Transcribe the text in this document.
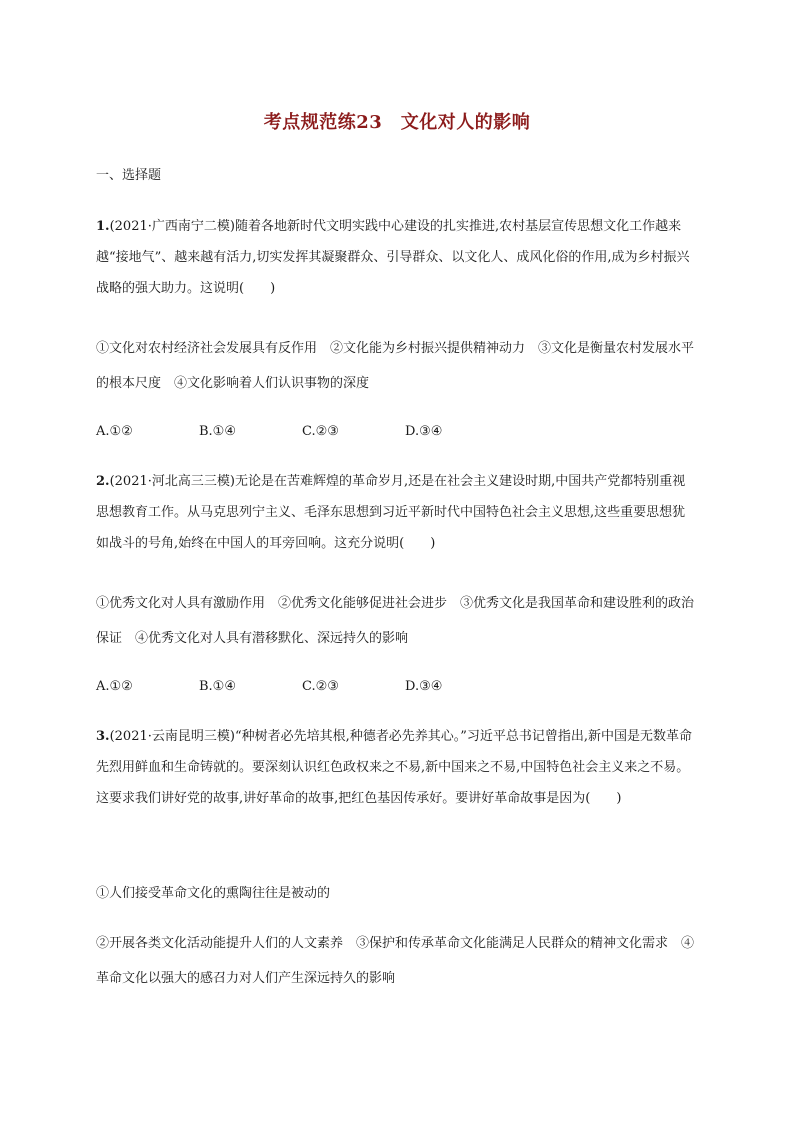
考点规范练23　文化对人的影响
一、选择题
1.(2021·广西南宁二模)随着各地新时代文明实践中心建设的扎实推进,农村基层宣传思想文化工作越来越“接地气”、越来越有活力,切实发挥其凝聚群众、引导群众、以文化人、成风化俗的作用,成为乡村振兴战略的强大助力。这说明(　　)
①文化对农村经济社会发展具有反作用　②文化能为乡村振兴提供精神动力　③文化是衡量农村发展水平的根本尺度　④文化影响着人们认识事物的深度
A.①②	B.①④	C.②③	D.③④
2.(2021·河北高三三模)无论是在苦难辉煌的革命岁月,还是在社会主义建设时期,中国共产党都特别重视思想教育工作。从马克思列宁主义、毛泽东思想到习近平新时代中国特色社会主义思想,这些重要思想犹如战斗的号角,始终在中国人的耳旁回响。这充分说明(　　)
①优秀文化对人具有激励作用　②优秀文化能够促进社会进步　③优秀文化是我国革命和建设胜利的政治保证　④优秀文化对人具有潜移默化、深远持久的影响
A.①②	B.①④	C.②③	D.③④
3.(2021·云南昆明三模)“种树者必先培其根,种德者必先养其心。”习近平总书记曾指出,新中国是无数革命先烈用鲜血和生命铸就的。要深刻认识红色政权来之不易,新中国来之不易,中国特色社会主义来之不易。这要求我们讲好党的故事,讲好革命的故事,把红色基因传承好。要讲好革命故事是因为(　　)
①人们接受革命文化的熏陶往往是被动的
②开展各类文化活动能提升人们的人文素养　③保护和传承革命文化能满足人民群众的精神文化需求　④革命文化以强大的感召力对人们产生深远持久的影响
